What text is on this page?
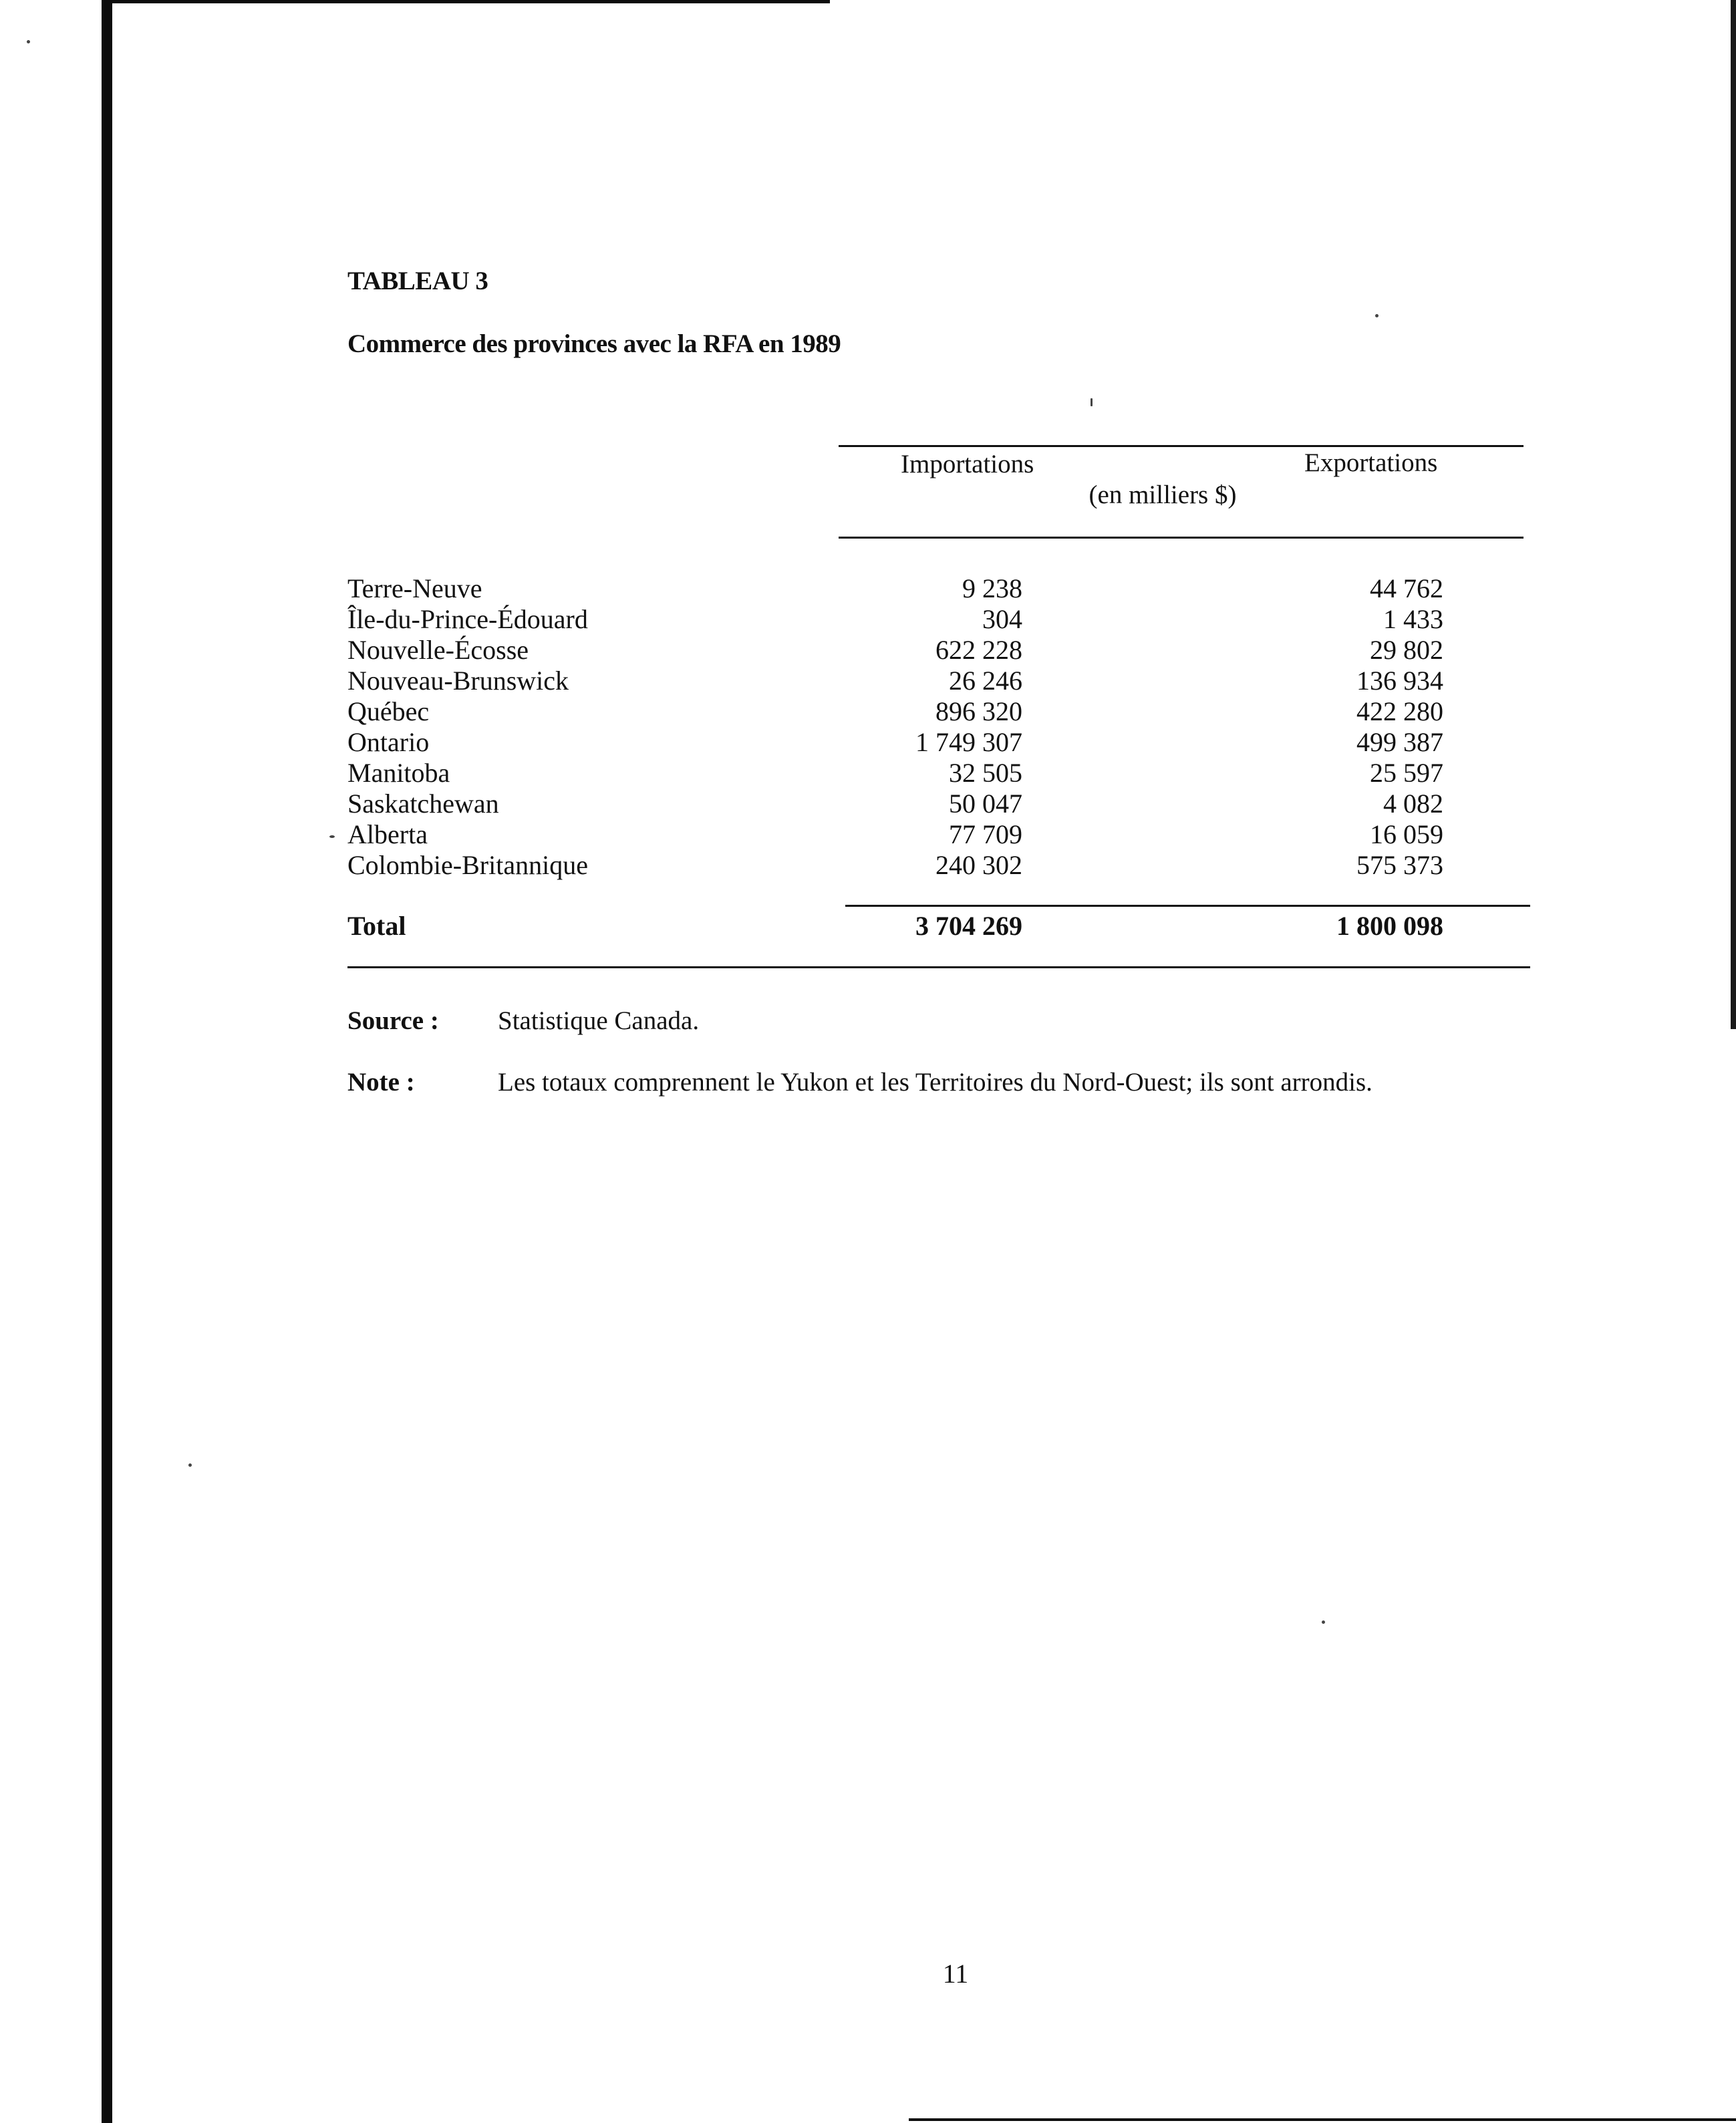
TABLEAU 3
Commerce des provinces avec la RFA en 1989
Importations	Exportations
(en milliers $)
Terre-Neuve	9 238	44 762
Île-du-Prince-Édouard	304	1 433
Nouvelle-Écosse	622 228	29 802
Nouveau-Brunswick	26 246	136 934
Québec	896 320	422 280
Ontario	1 749 307	499 387
Manitoba	32 505	25 597
Saskatchewan	50 047	4 082
Alberta	77 709	16 059
Colombie-Britannique	240 302	575 373
Total	3 704 269	1 800 098
Source : Statistique Canada.
Note :	Les totaux comprennent le Yukon et les Territoires du Nord-Ouest; ils sont arrondis.
11
